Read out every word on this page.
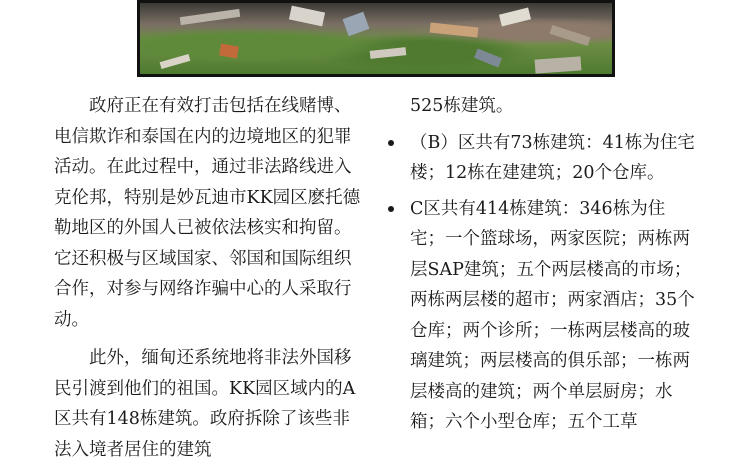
政府正在有效打击包括在线赌博、电信欺诈和泰国在内的边境地区的犯罪活动。在此过程中，通过非法路线进入克伦邦，特别是妙瓦迪市KK园区麽托德勒地区的外国人已被依法核实和拘留。它还积极与区域国家、邻国和国际组织合作，对参与网络诈骗中心的人采取行动。

此外，缅甸还系统地将非法外国移民引渡到他们的祖国。KK园区域内的A区共有148栋建筑。政府拆除了该些非法入境者居住的建筑

525栋建筑。

（B）区共有73栋建筑：41栋为住宅楼；12栋在建建筑；20个仓库。
C区共有414栋建筑：346栋为住宅；一个篮球场，两家医院；两栋两层SAP建筑；五个两层楼高的市场；两栋两层楼的超市；两家酒店；35个仓库；两个诊所；一栋两层楼高的玻璃建筑；两层楼高的俱乐部；一栋两层楼高的建筑；两个单层厨房；水箱；六个小型仓库；五个工草
